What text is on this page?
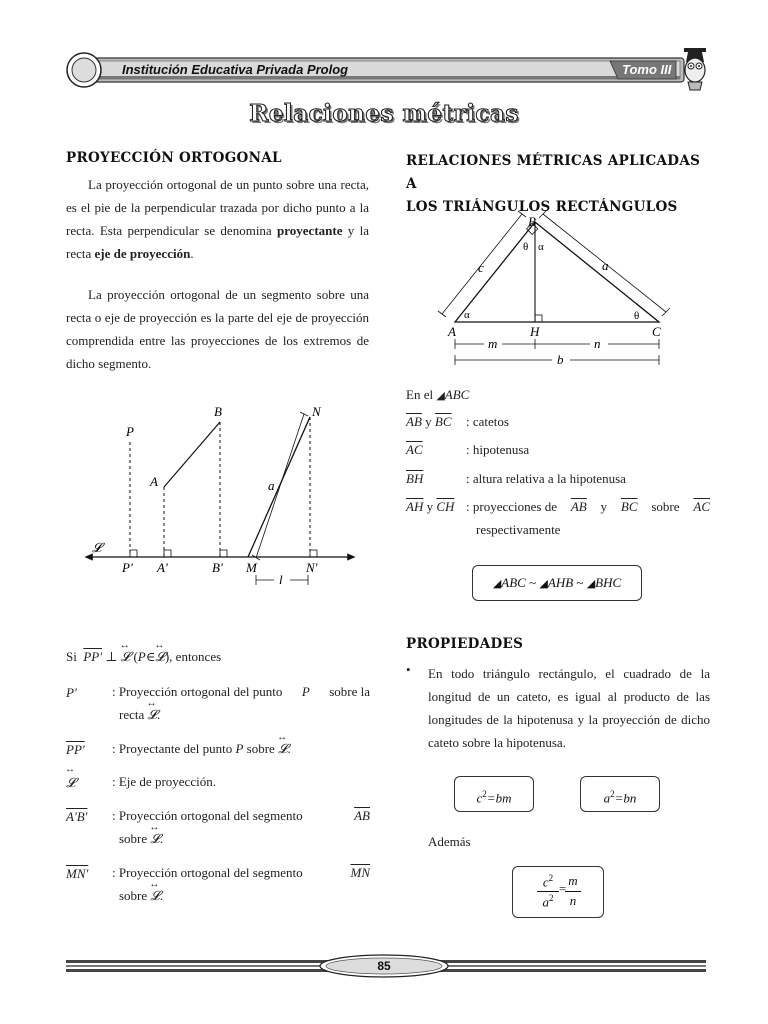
Institución Educativa Privada Prolog	Tomo III
Relaciones métricas
PROYECCIÓN ORTOGONAL
La proyección ortogonal de un punto sobre una recta, es el pie de la perpendicular trazada por dicho punto a la recta. Esta perpendicular se denomina proyectante y la recta eje de proyección.
La proyección ortogonal de un segmento sobre una recta o eje de proyección es la parte del eje de proyección comprendida entre las proyecciones de los extremos de dicho segmento.
P
A
B	N
a
P' A'	B' M	N'
l
𝓛
Si PP' ⊥ ↔ 𝓛 (P∈↔ 𝓛), entonces
P'	: Proyección ortogonal del punto P sobre la
recta ↔ 𝓛.
PP' : Proyectante del punto P sobre ↔ 𝓛.
↔ 𝓛	: Eje de proyección.
A'B' : Proyección ortogonal del segmento	$\overline{AB}$
sobre ↔ 𝓛.
MN' : Proyección ortogonal del segmento	$\overline{MN}$
sobre ↔ 𝓛.
RELACIONES MÉTRICAS APLICADAS A
LOS TRIÁNGULOS RECTÁNGULOS
B
A	H	C
c	a
θ α
α	θ
m	n
b
En el ◢ABC
$\overline{AB}$ y $\overline{BC}$ : catetos
$\overline{AC}$	: hipotenusa
$\overline{BH}$	: altura relativa a la hipotenusa
$\overline{AH}$ y $\overline{CH}$ : proyecciones de $\overline{AB}$ y $\overline{BC}$ sobre $\overline{AC}$
respectivamente
◢ABC ~ ◢AHB ~ ◢BHC
PROPIEDADES
• En todo triángulo rectángulo, el cuadrado de la longitud de un cateto, es igual al producto de las longitudes de la hipotenusa y la proyección de dicho cateto sobre la hipotenusa.
$c^2=bm$	$a^2=bn$
Además
$c^2$
$a^2$
=
m
n
85
